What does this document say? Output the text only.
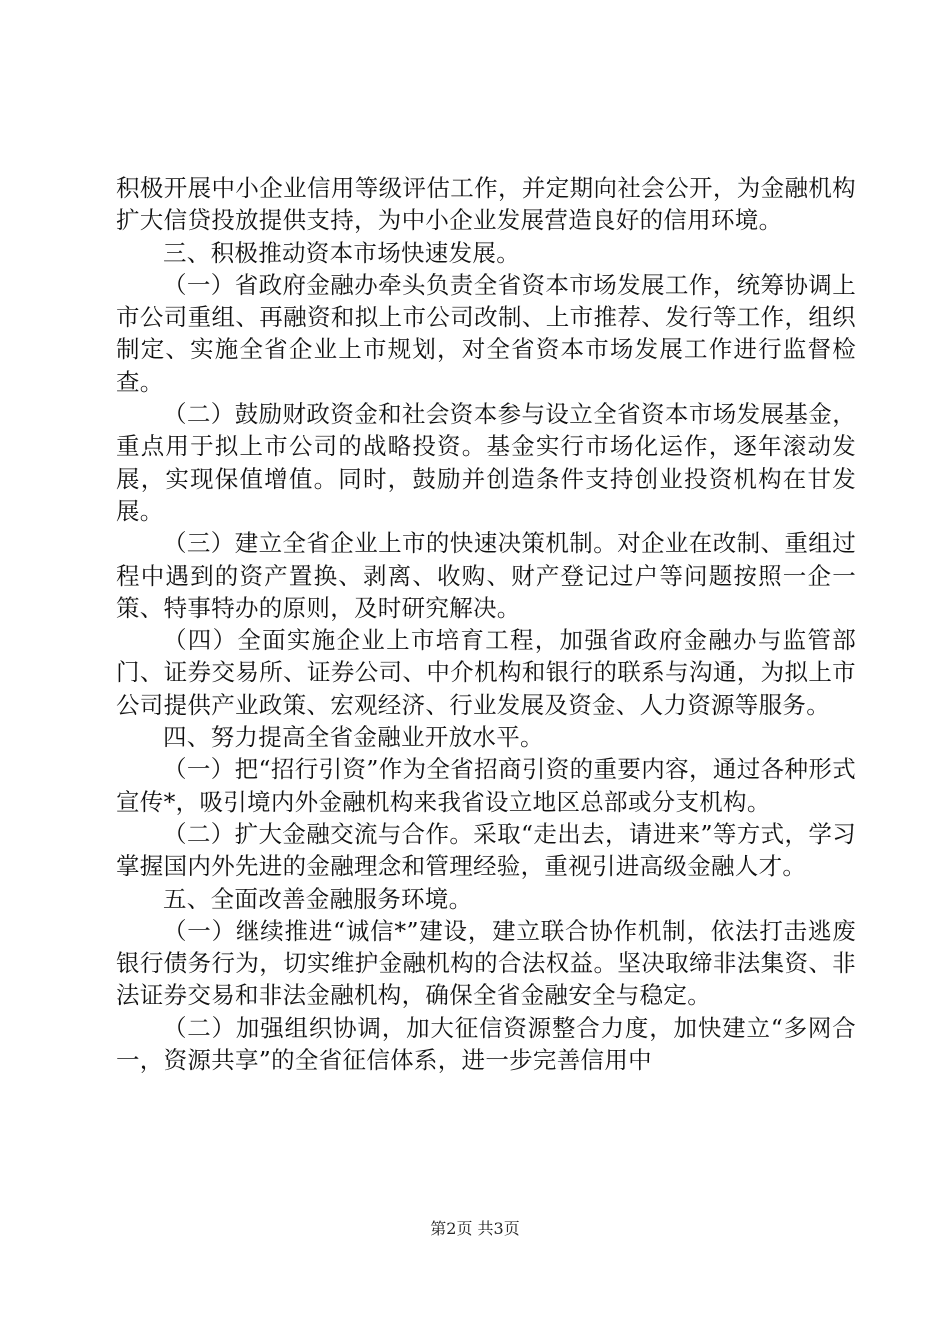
积极开展中小企业信用等级评估工作，并定期向社会公开，为金融机构扩大信贷投放提供支持，为中小企业发展营造良好的信用环境。

三、积极推动资本市场快速发展。

（一）省政府金融办牵头负责全省资本市场发展工作，统筹协调上市公司重组、再融资和拟上市公司改制、上市推荐、发行等工作，组织制定、实施全省企业上市规划，对全省资本市场发展工作进行监督检查。

（二）鼓励财政资金和社会资本参与设立全省资本市场发展基金，重点用于拟上市公司的战略投资。基金实行市场化运作，逐年滚动发展，实现保值增值。同时，鼓励并创造条件支持创业投资机构在甘发展。

（三）建立全省企业上市的快速决策机制。对企业在改制、重组过程中遇到的资产置换、剥离、收购、财产登记过户等问题按照一企一策、特事特办的原则，及时研究解决。

（四）全面实施企业上市培育工程，加强省政府金融办与监管部门、证券交易所、证券公司、中介机构和银行的联系与沟通，为拟上市公司提供产业政策、宏观经济、行业发展及资金、人力资源等服务。

四、努力提高全省金融业开放水平。

（一）把“招行引资”作为全省招商引资的重要内容，通过各种形式宣传*，吸引境内外金融机构来我省设立地区总部或分支机构。

（二）扩大金融交流与合作。采取“走出去，请进来”等方式，学习掌握国内外先进的金融理念和管理经验，重视引进高级金融人才。

五、全面改善金融服务环境。

（一）继续推进“诚信*”建设，建立联合协作机制，依法打击逃废银行债务行为，切实维护金融机构的合法权益。坚决取缔非法集资、非法证券交易和非法金融机构，确保全省金融安全与稳定。

（二）加强组织协调，加大征信资源整合力度，加快建立“多网合一，资源共享”的全省征信体系，进一步完善信用中

第2页 共3页
